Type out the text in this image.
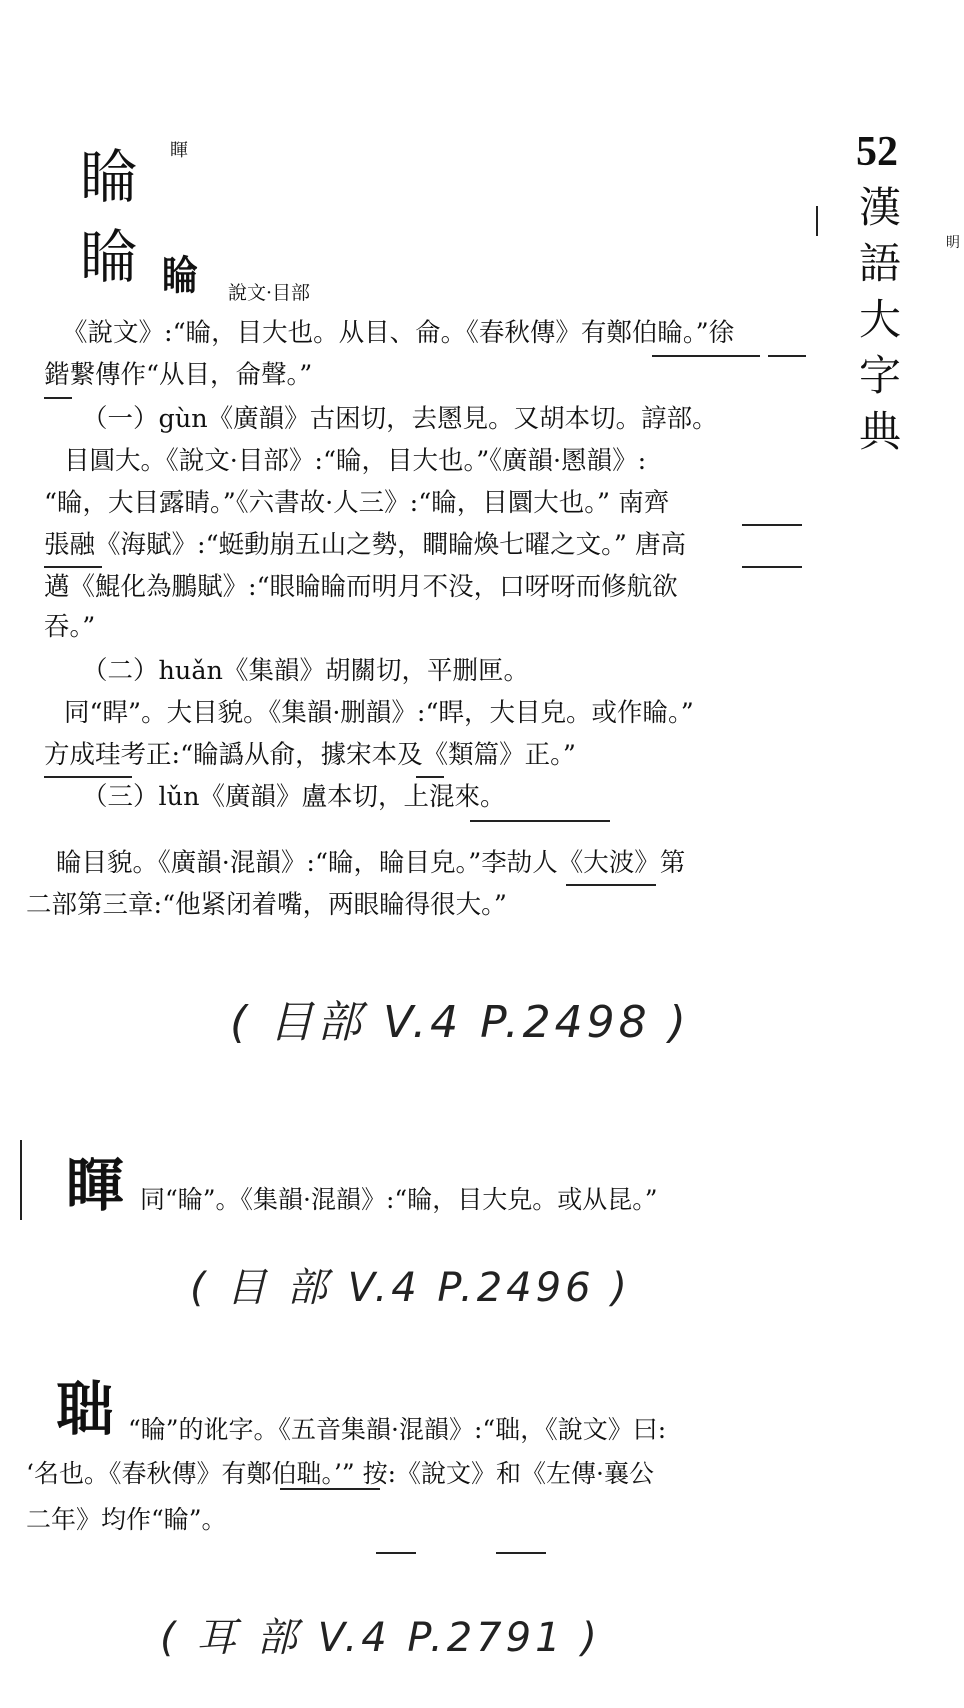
52
漢
語
大
字
典
眀
睔 睴
睔 睔 說文·目部
《說文》:“睔，目大也。从目、侖。《春秋傳》有鄭伯睔。”徐
鍇繋傳作“从目，侖聲。”
（一）gùn《廣韻》古困切，去慁見。又胡本切。諄部。
目圓大。《說文·目部》:“睔，目大也。”《廣韻·慁韻》:
“睔，大目露睛。”《六書故·人三》:“睔，目圜大也。” 南齊
張融《海賦》:“蜓動崩五山之勢，瞷睔煥七曜之文。” 唐高
邁《鯤化為鵬賦》:“眼睔睔而明月不没，口呀呀而修航欲
吞。”
（二）huǎn《集韻》胡關切，平删匣。
同“睅”。大目貌。《集韻·删韻》:“睅，大目皃。或作睔。”
方成珪考正:“睔譌从俞，據宋本及《類篇》正。”
（三）lǔn《廣韻》盧本切，上混來。
睔目貌。《廣韻·混韻》:“睔，睔目皃。”李劼人《大波》第
二部第三章:“他紧闭着嘴，两眼睔得很大。”
( 目部 V.4 P.2498 )
睴 同“睔”。《集韻·混韻》:“睔，目大皃。或从昆。”
( 目 部 V.4 P.2496 )
聉 “睔”的讹字。《五音集韻·混韻》:“聉，《說文》曰:
‘名也。《春秋傳》有鄭伯聉。’” 按:《說文》和《左傳·襄公
二年》均作“睔”。
( 耳 部 V.4 P.2791 )
